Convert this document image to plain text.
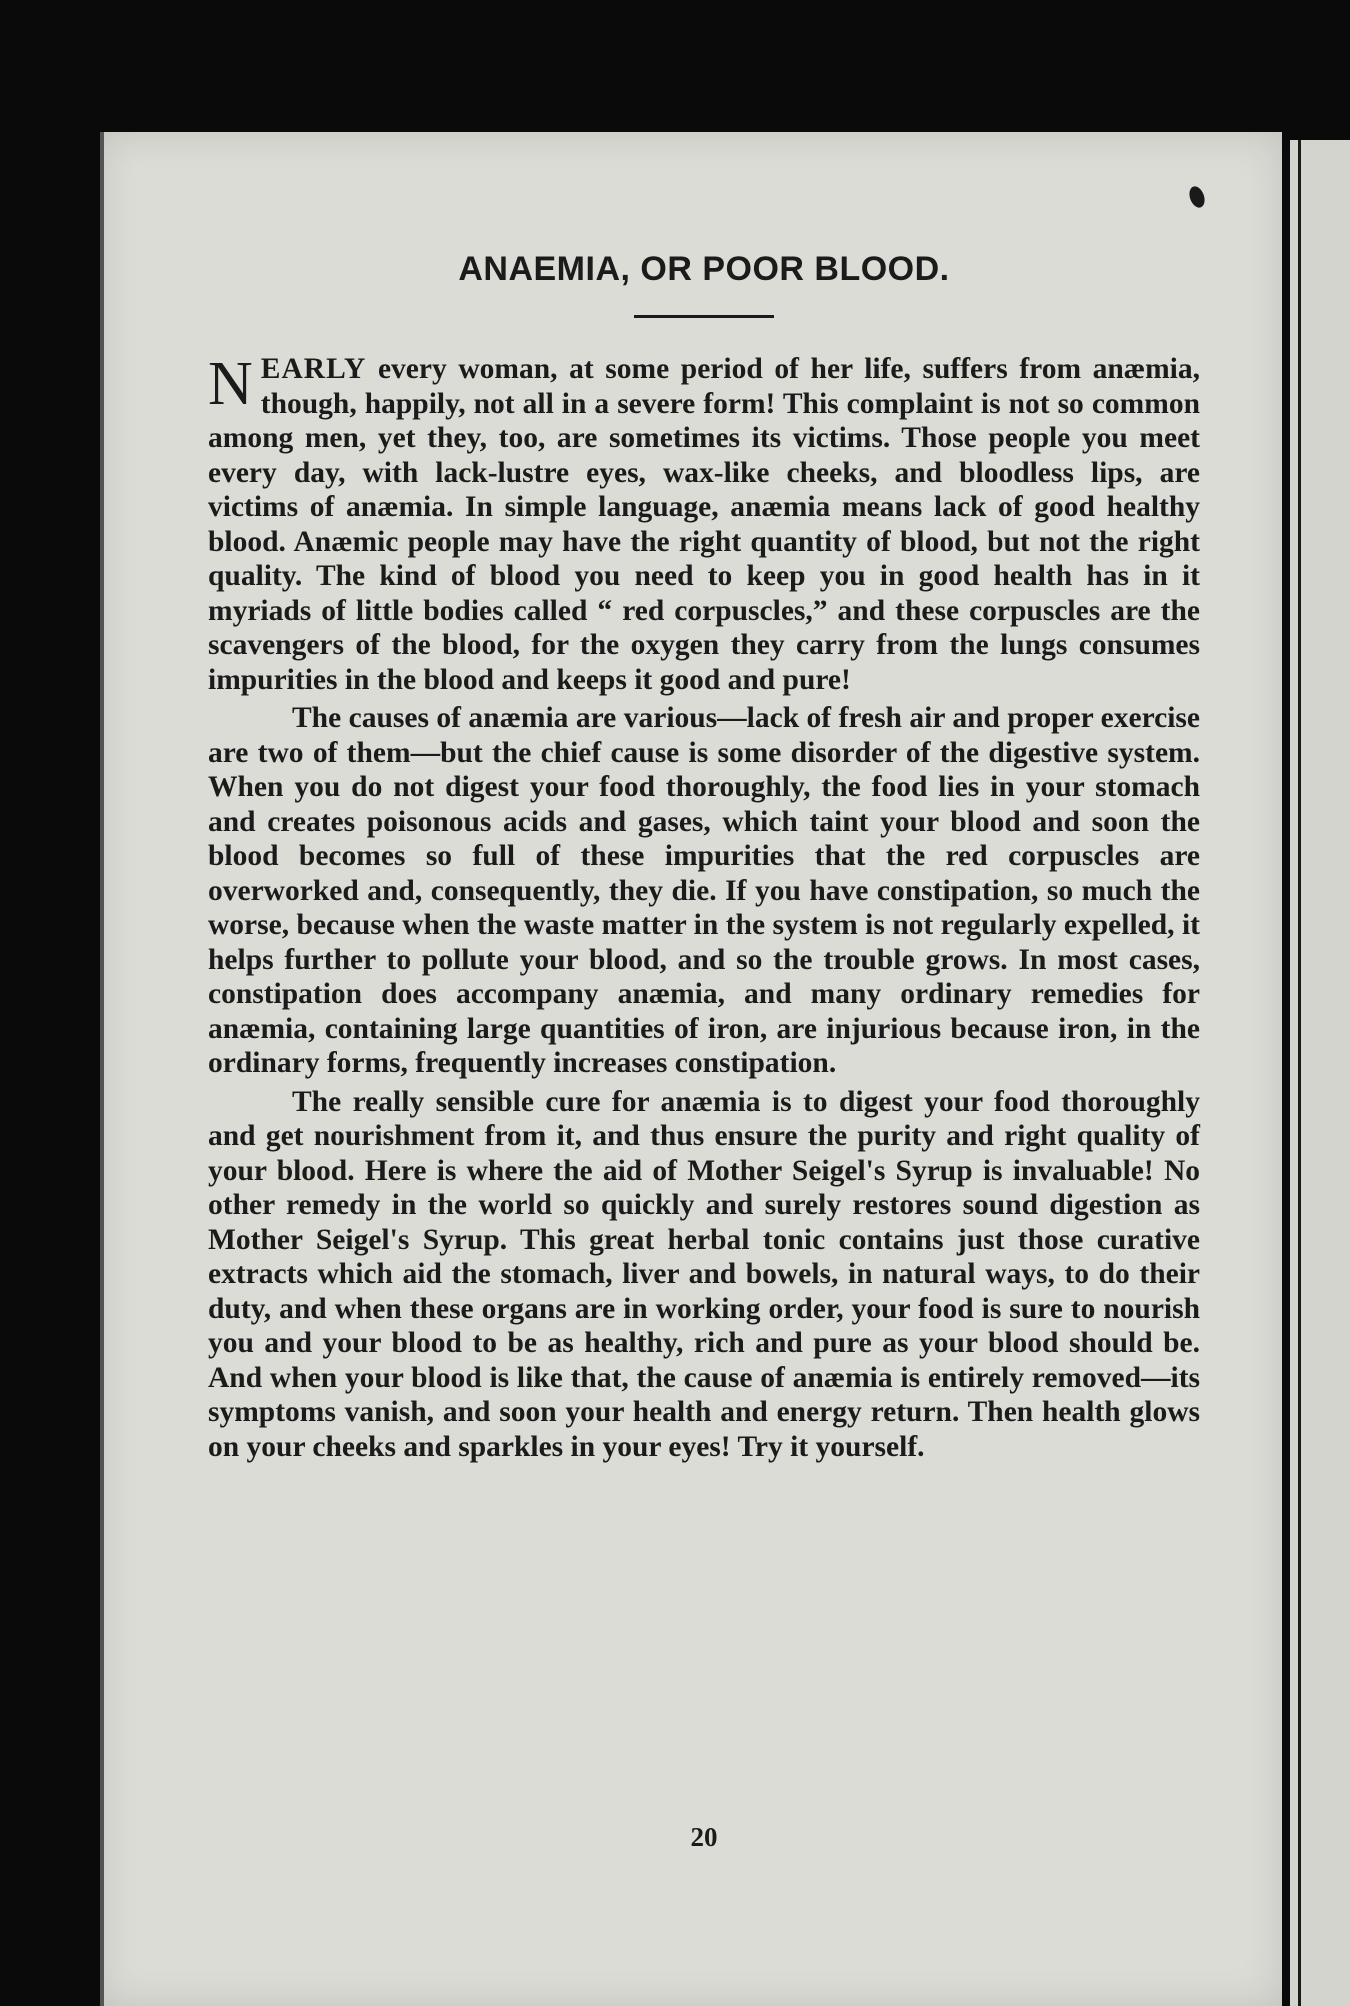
ANAEMIA, OR POOR BLOOD.

NEARLY every woman, at some period of her life, suffers from anæmia, though, happily, not all in a severe form! This complaint is not so common among men, yet they, too, are sometimes its victims. Those people you meet every day, with lack-lustre eyes, wax-like cheeks, and bloodless lips, are victims of anæmia. In simple language, anæmia means lack of good healthy blood. Anæmic people may have the right quantity of blood, but not the right quality. The kind of blood you need to keep you in good health has in it myriads of little bodies called “ red corpuscles,” and these corpuscles are the scavengers of the blood, for the oxygen they carry from the lungs consumes impurities in the blood and keeps it good and pure!

The causes of anæmia are various—lack of fresh air and proper exercise are two of them—but the chief cause is some disorder of the digestive system. When you do not digest your food thoroughly, the food lies in your stomach and creates poisonous acids and gases, which taint your blood and soon the blood becomes so full of these impurities that the red corpuscles are overworked and, consequently, they die. If you have constipation, so much the worse, because when the waste matter in the system is not regularly expelled, it helps further to pollute your blood, and so the trouble grows. In most cases, constipation does accompany anæmia, and many ordinary remedies for anæmia, containing large quantities of iron, are injurious because iron, in the ordinary forms, frequently increases constipation.

The really sensible cure for anæmia is to digest your food thoroughly and get nourishment from it, and thus ensure the purity and right quality of your blood. Here is where the aid of Mother Seigel's Syrup is invaluable! No other remedy in the world so quickly and surely restores sound digestion as Mother Seigel's Syrup. This great herbal tonic contains just those curative extracts which aid the stomach, liver and bowels, in natural ways, to do their duty, and when these organs are in working order, your food is sure to nourish you and your blood to be as healthy, rich and pure as your blood should be. And when your blood is like that, the cause of anæmia is entirely removed—its symptoms vanish, and soon your health and energy return. Then health glows on your cheeks and sparkles in your eyes! Try it yourself.

20
